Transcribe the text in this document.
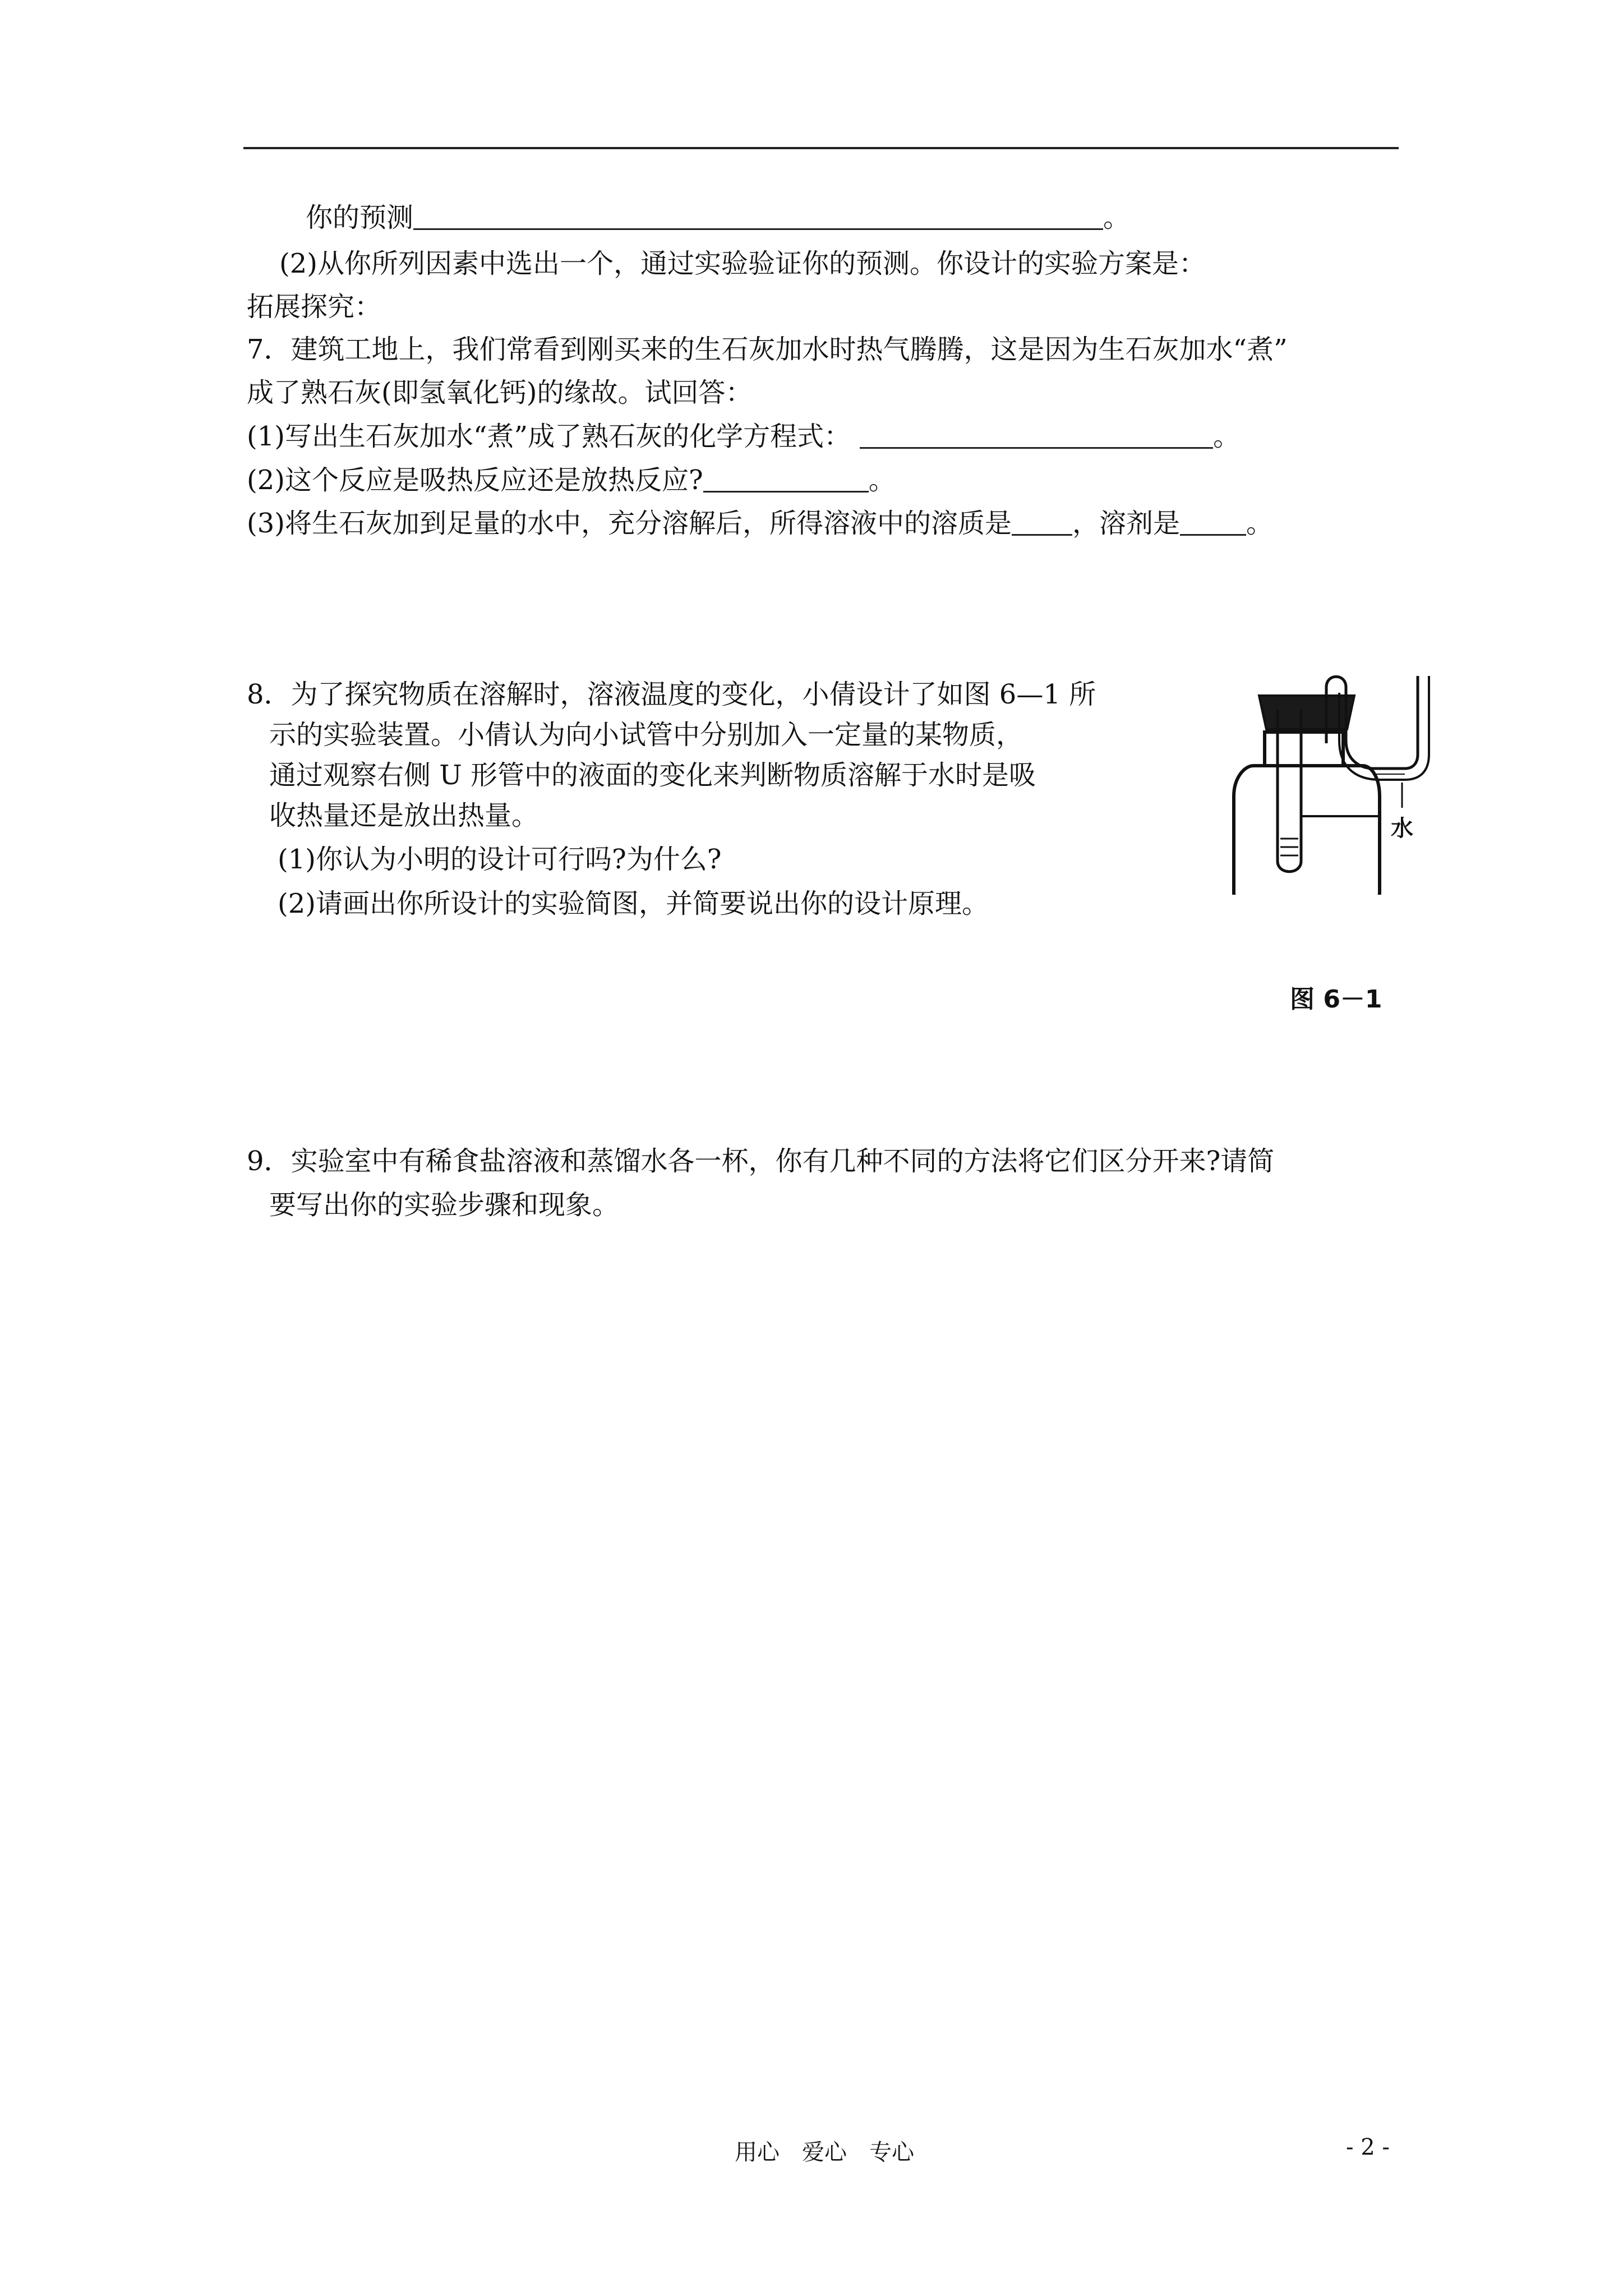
你的预测	。
(2)从你所列因素中选出一个，通过实验验证你的预测。你设计的实验方案是：
拓展探究：
7．建筑工地上，我们常看到刚买来的生石灰加水时热气腾腾，这是因为生石灰加水“煮”
成了熟石灰(即氢氧化钙)的缘故。试回答：
(1)写出生石灰加水“煮”成了熟石灰的化学方程式：	。
(2)这个反应是吸热反应还是放热反应?	。
(3)将生石灰加到足量的水中，充分溶解后，所得溶液中的溶质是 ，溶剂是 。
8．为了探究物质在溶解时，溶液温度的变化，小倩设计了如图 6—1 所
示的实验装置。小倩认为向小试管中分别加入一定量的某物质，
通过观察右侧 U 形管中的液面的变化来判断物质溶解于水时是吸
收热量还是放出热量。
(1)你认为小明的设计可行吗?为什么?
(2)请画出你所设计的实验简图，并简要说出你的设计原理。
水
图 6－1
9．实验室中有稀食盐溶液和蒸馏水各一杯，你有几种不同的方法将它们区分开来?请简
要写出你的实验步骤和现象。
用心　爱心　专心	- 2 -
